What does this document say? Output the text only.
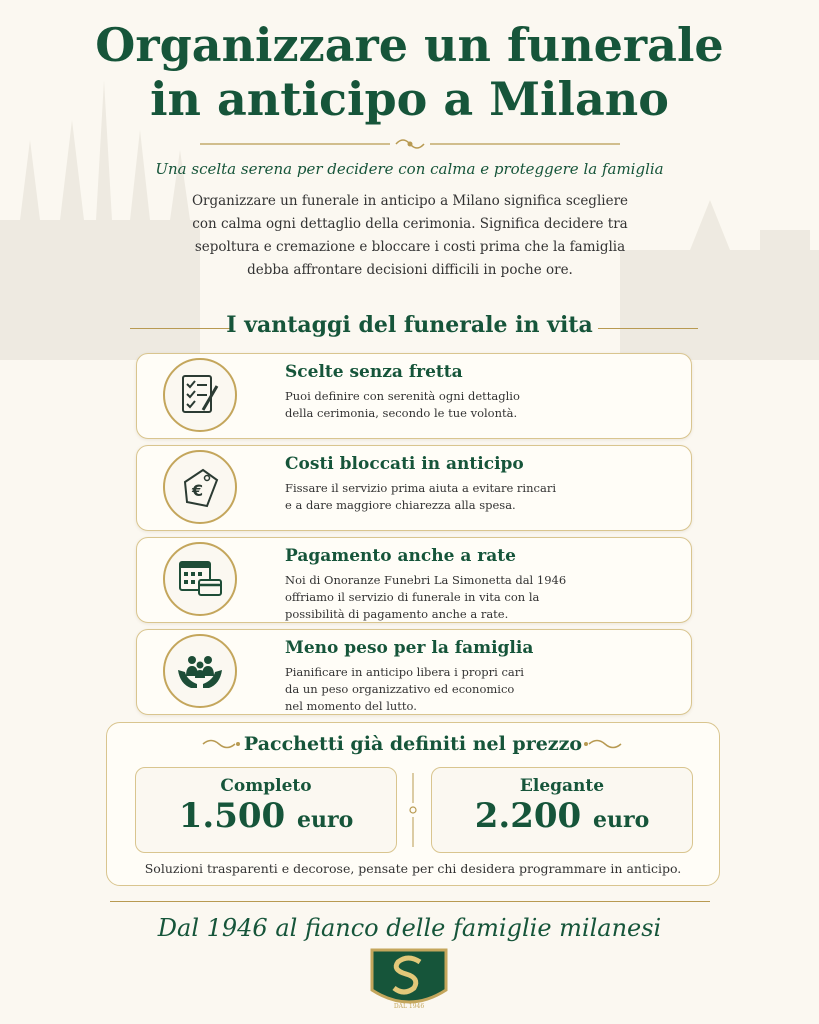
Organizzare un funerale
in anticipo a Milano
Una scelta serena per decidere con calma e proteggere la famiglia
Organizzare un funerale in anticipo a Milano significa scegliere con calma ogni dettaglio della cerimonia. Significa decidere tra sepoltura e cremazione e bloccare i costi prima che la famiglia debba affrontare decisioni difficili in poche ore.
I vantaggi del funerale in vita
Scelte senza fretta

Puoi definire con serenità ogni dettaglio della cerimonia, secondo le tue volontà.

€
Costi bloccati in anticipo

Fissare il servizio prima aiuta a evitare rincari e a dare maggiore chiarezza alla spesa.

Pagamento anche a rate

Noi di Onoranze Funebri La Simonetta dal 1946 offriamo il servizio di funerale in vita con la possibilità di pagamento anche a rate.

Meno peso per la famiglia

Pianificare in anticipo libera i propri cari da un peso organizzativo ed economico nel momento del lutto.

Pacchetti già definiti nel prezzo
Completo
1.500 euro
Elegante
2.200 euro
Soluzioni trasparenti e decorose, pensate per chi desidera programmare in anticipo.
Dal 1946 al fianco delle famiglie milanesi
DAL 1946
